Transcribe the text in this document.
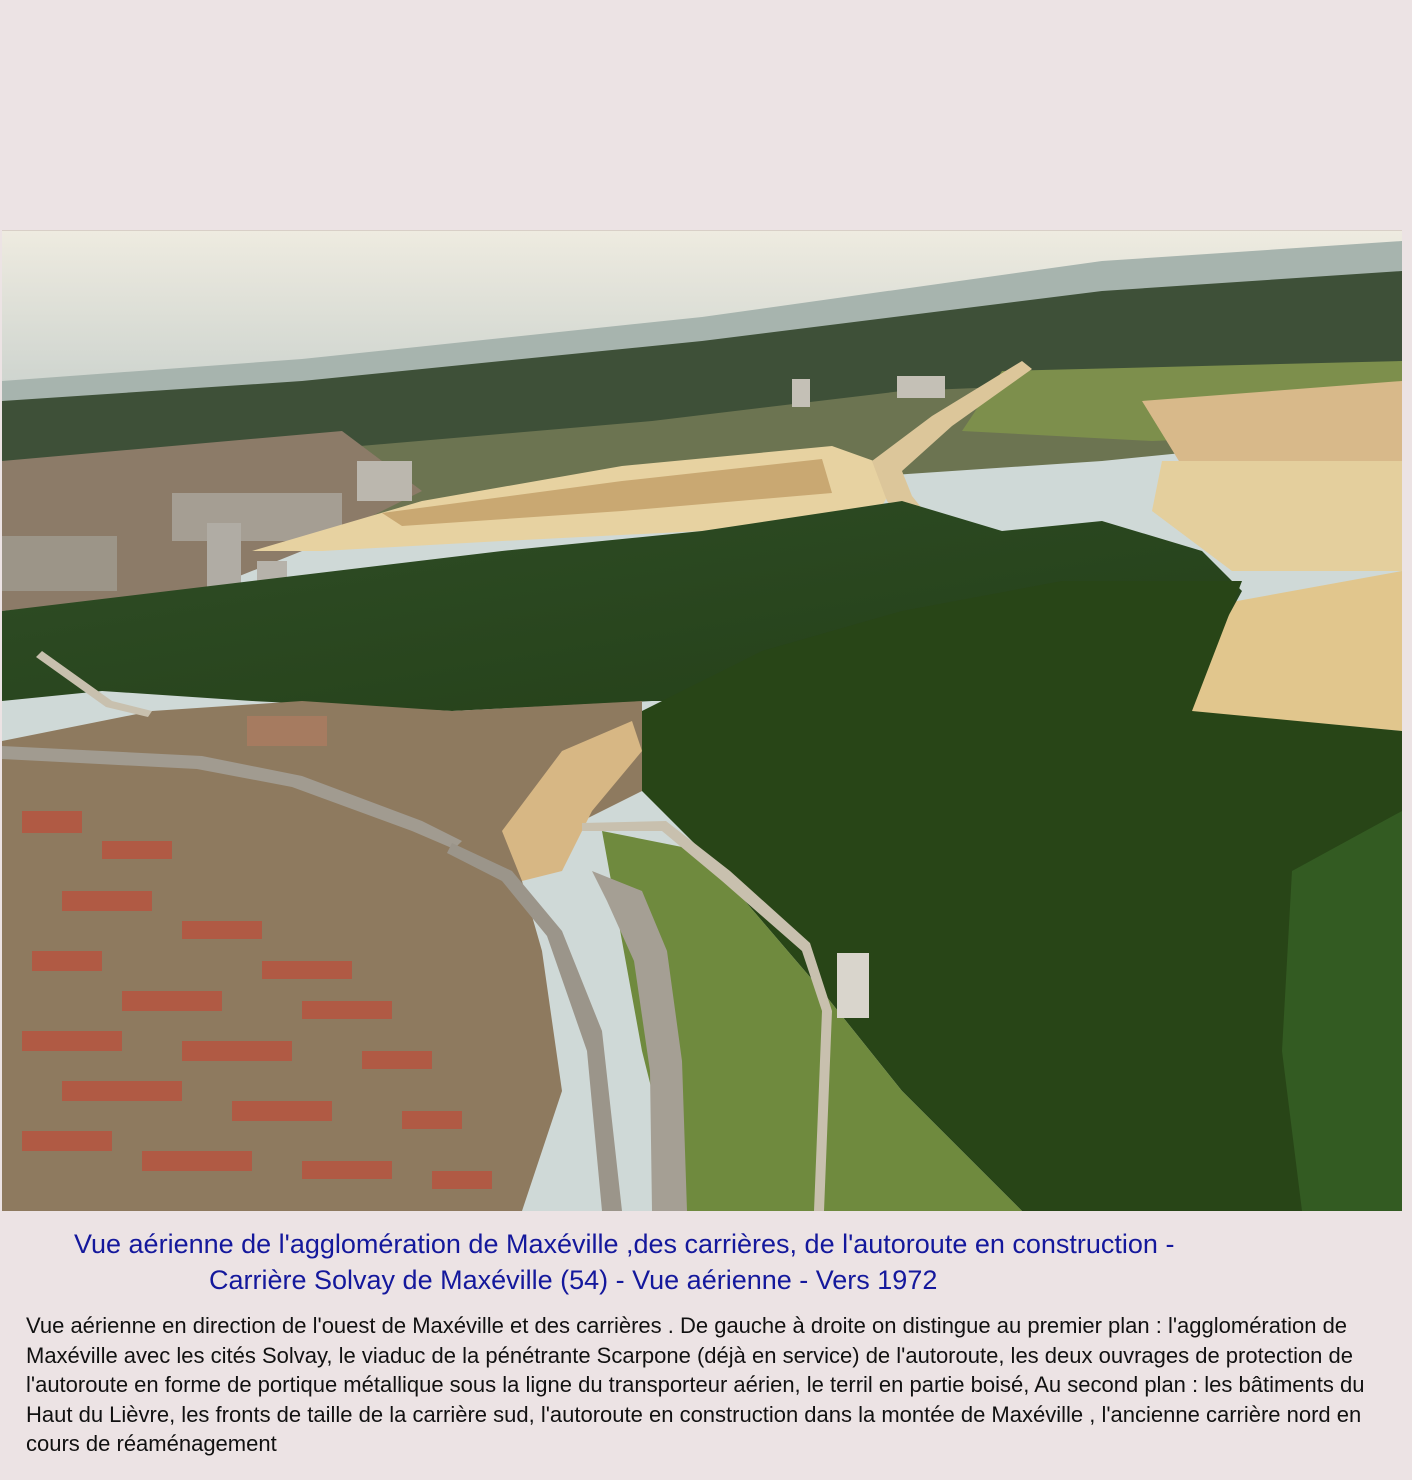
Vue aérienne de l'agglomération de Maxéville ,des carrières, de l'autoroute en construction -
Carrière Solvay de Maxéville (54) - Vue aérienne - Vers 1972

Vue aérienne en direction de l'ouest de Maxéville et des carrières . De gauche à droite on distingue au premier plan : l'agglomération de Maxéville avec les cités Solvay, le viaduc de la pénétrante Scarpone (déjà en service) de l'autoroute, les deux ouvrages de protection de l'autoroute en forme de portique métallique sous la ligne du transporteur aérien, le terril en partie boisé, Au second plan : les bâtiments du Haut du Lièvre, les fronts de taille de la carrière sud, l'autoroute en construction dans la montée de Maxéville , l'ancienne carrière nord en cours de réaménagement
